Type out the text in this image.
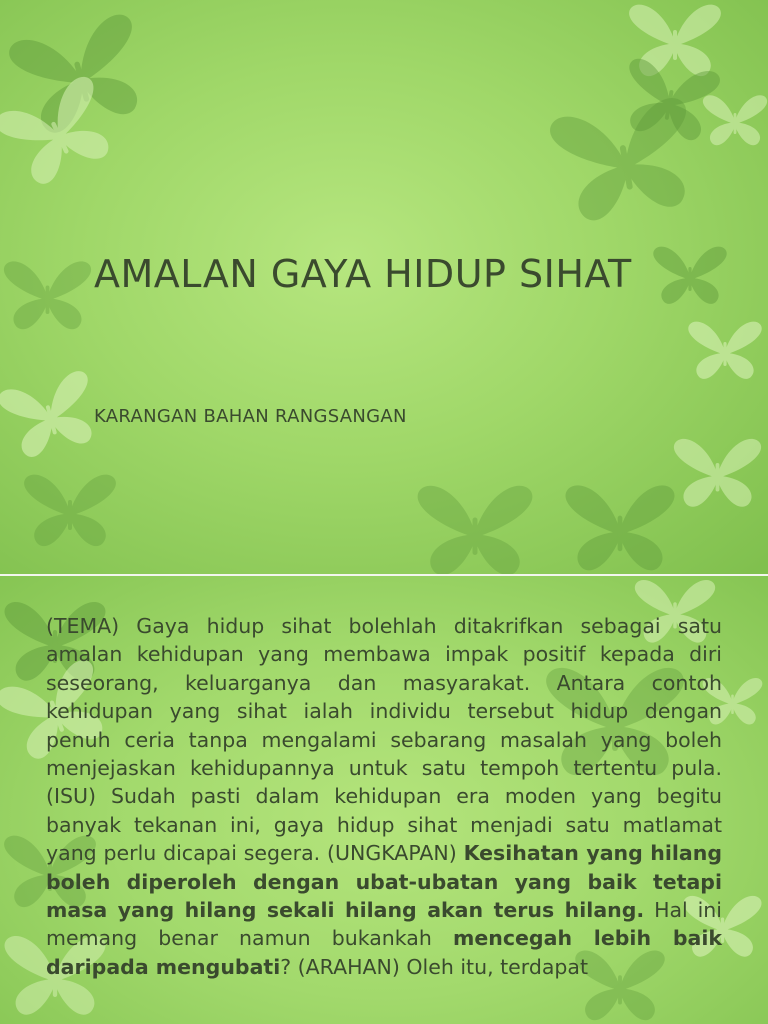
AMALAN GAYA HIDUP SIHAT
KARANGAN BAHAN RANGSANGAN
(TEMA) Gaya hidup sihat bolehlah ditakrifkan sebagai satu amalan kehidupan yang membawa impak positif kepada diri seseorang, keluarganya dan masyarakat. Antara contoh kehidupan yang sihat ialah individu tersebut hidup dengan penuh ceria tanpa mengalami sebarang masalah yang boleh menjejaskan kehidupannya untuk satu tempoh tertentu pula. (ISU) Sudah pasti dalam kehidupan era moden yang begitu banyak tekanan ini, gaya hidup sihat menjadi satu matlamat yang perlu dicapai segera. (UNGKAPAN) Kesihatan yang hilang boleh diperoleh dengan ubat-ubatan yang baik tetapi masa yang hilang sekali hilang akan terus hilang. Hal ini memang benar namun bukankah mencegah lebih baik daripada mengubati? (ARAHAN) Oleh itu, terdapat
